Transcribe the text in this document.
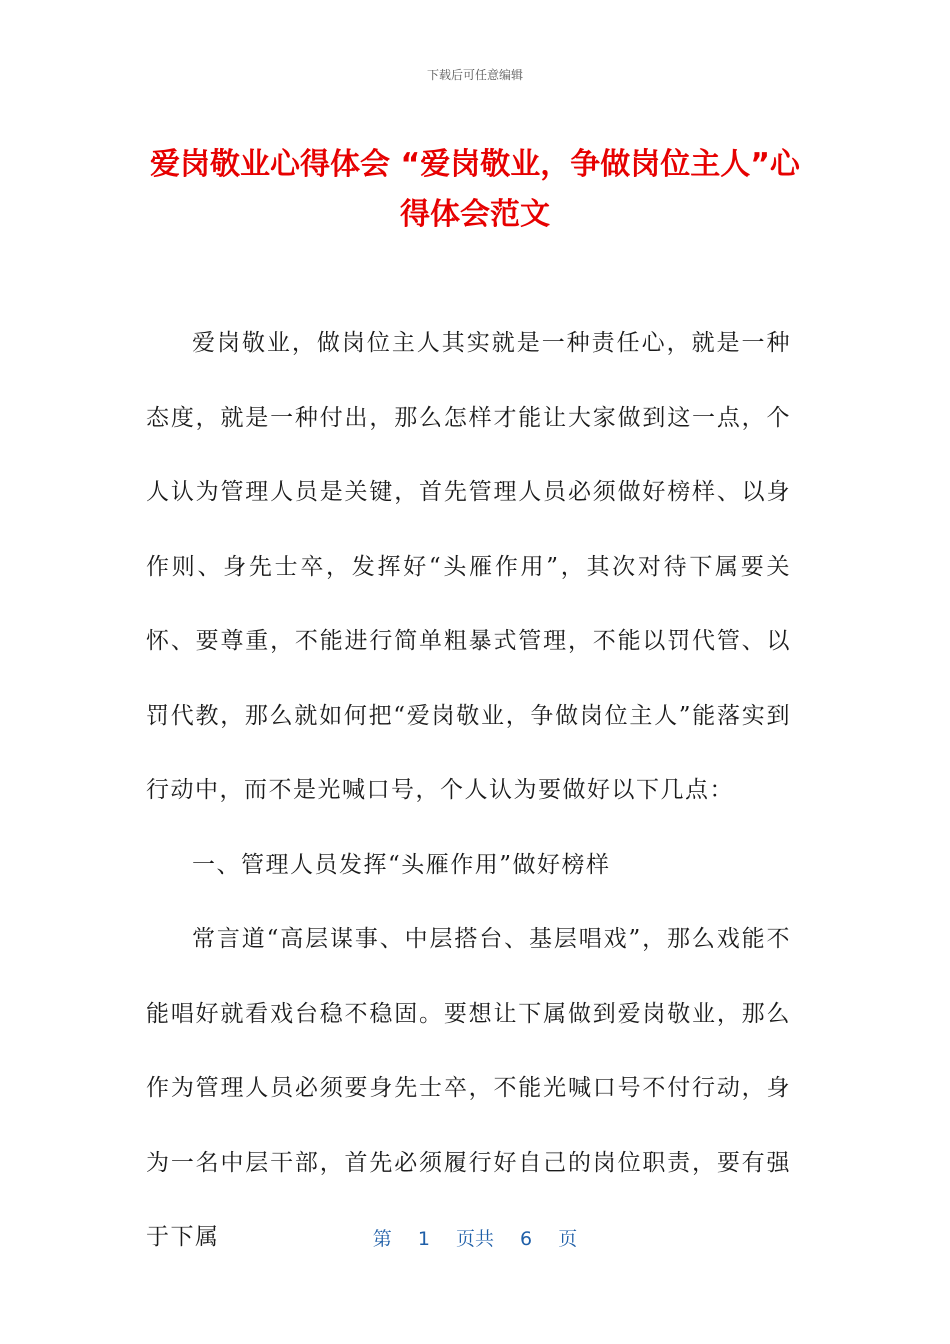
下载后可任意编辑
爱岗敬业心得体会 “爱岗敬业，争做岗位主人”心得体会范文

爱岗敬业，做岗位主人其实就是一种责任心，就是一种态度，就是一种付出，那么怎样才能让大家做到这一点，个人认为管理人员是关键，首先管理人员必须做好榜样、以身作则、身先士卒，发挥好“头雁作用”，其次对待下属要关怀、要尊重，不能进行简单粗暴式管理，不能以罚代管、以罚代教，那么就如何把“爱岗敬业，争做岗位主人”能落实到行动中，而不是光喊口号，个人认为要做好以下几点：

一、管理人员发挥“头雁作用”做好榜样

常言道“高层谋事、中层搭台、基层唱戏”，那么戏能不能唱好就看戏台稳不稳固。要想让下属做到爱岗敬业，那么作为管理人员必须要身先士卒，不能光喊口号不付行动，身为一名中层干部，首先必须履行好自己的岗位职责，要有强于下属	第 1 页共 6 页
